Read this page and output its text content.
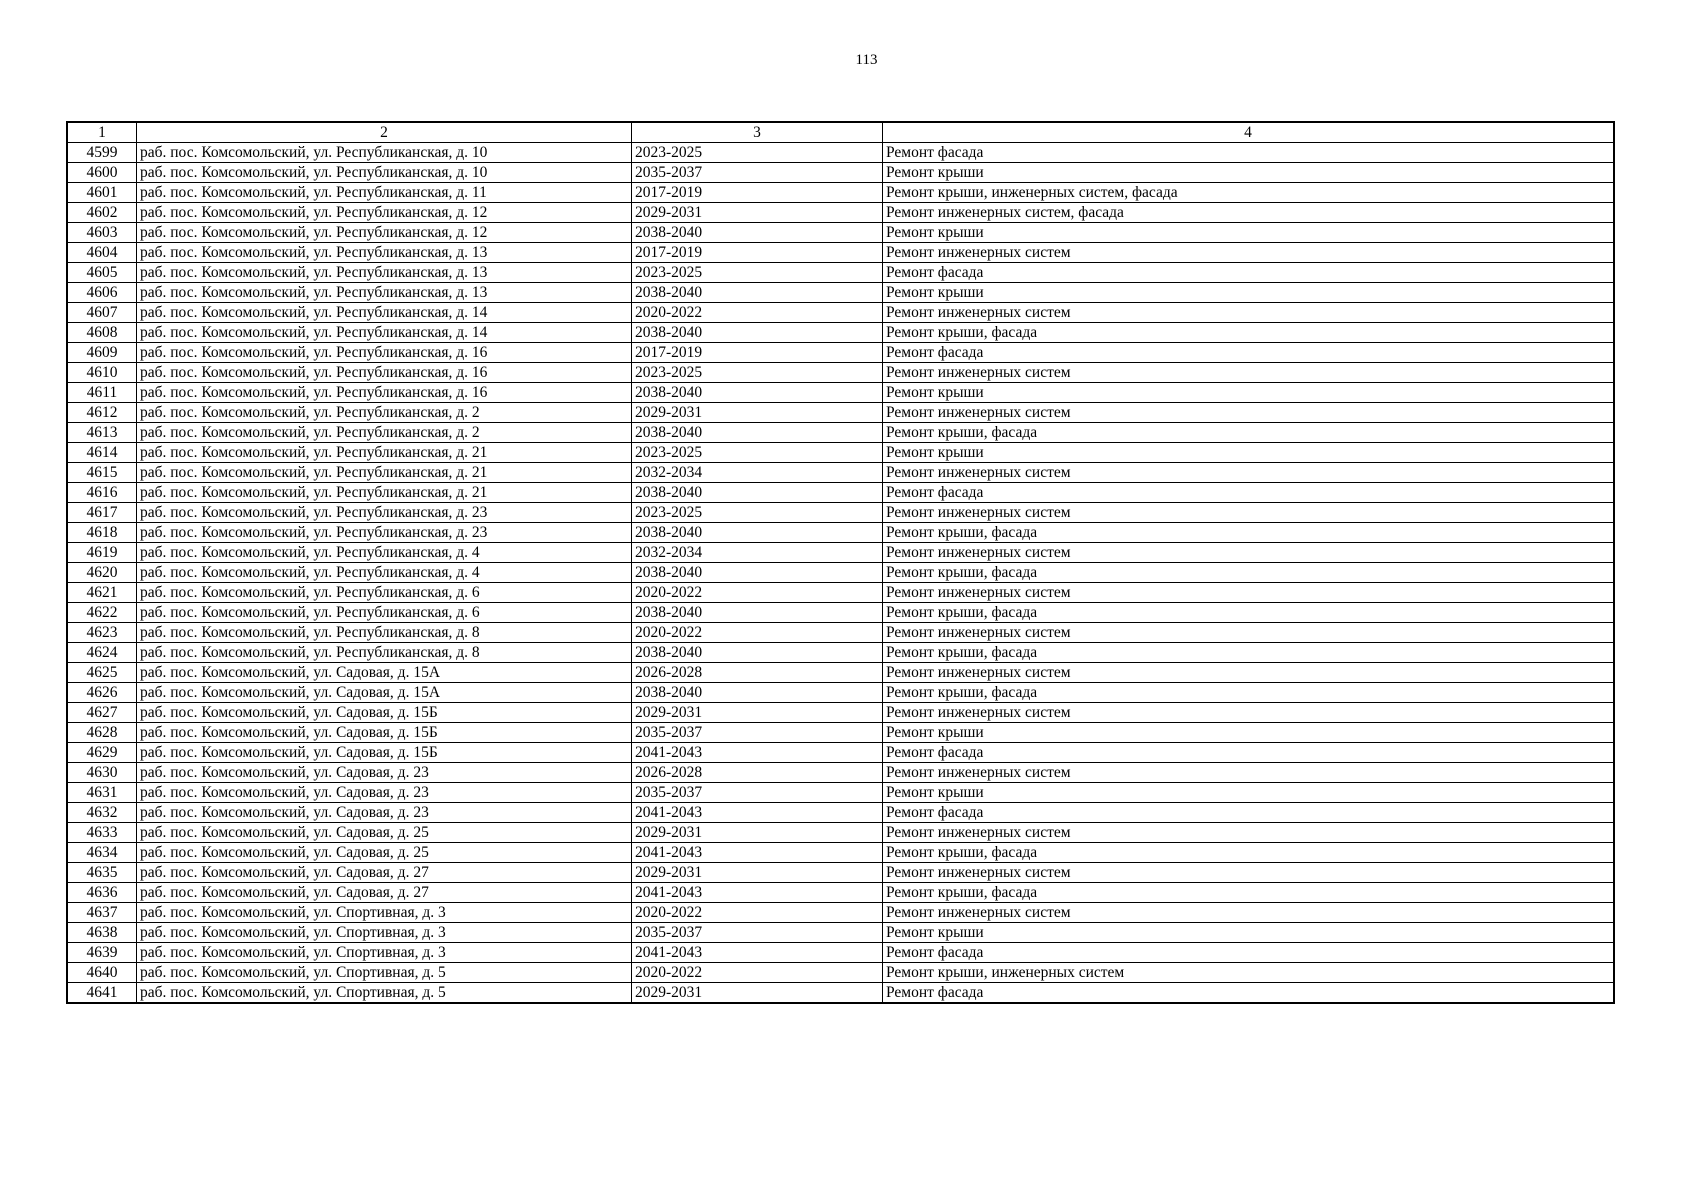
113
1	2	3	4
4599	раб. пос. Комсомольский, ул. Республиканская, д. 10	2023-2025	Ремонт фасада
4600	раб. пос. Комсомольский, ул. Республиканская, д. 10	2035-2037	Ремонт крыши
4601	раб. пос. Комсомольский, ул. Республиканская, д. 11	2017-2019	Ремонт крыши, инженерных систем, фасада
4602	раб. пос. Комсомольский, ул. Республиканская, д. 12	2029-2031	Ремонт инженерных систем, фасада
4603	раб. пос. Комсомольский, ул. Республиканская, д. 12	2038-2040	Ремонт крыши
4604	раб. пос. Комсомольский, ул. Республиканская, д. 13	2017-2019	Ремонт инженерных систем
4605	раб. пос. Комсомольский, ул. Республиканская, д. 13	2023-2025	Ремонт фасада
4606	раб. пос. Комсомольский, ул. Республиканская, д. 13	2038-2040	Ремонт крыши
4607	раб. пос. Комсомольский, ул. Республиканская, д. 14	2020-2022	Ремонт инженерных систем
4608	раб. пос. Комсомольский, ул. Республиканская, д. 14	2038-2040	Ремонт крыши, фасада
4609	раб. пос. Комсомольский, ул. Республиканская, д. 16	2017-2019	Ремонт фасада
4610	раб. пос. Комсомольский, ул. Республиканская, д. 16	2023-2025	Ремонт инженерных систем
4611	раб. пос. Комсомольский, ул. Республиканская, д. 16	2038-2040	Ремонт крыши
4612	раб. пос. Комсомольский, ул. Республиканская, д. 2	2029-2031	Ремонт инженерных систем
4613	раб. пос. Комсомольский, ул. Республиканская, д. 2	2038-2040	Ремонт крыши, фасада
4614	раб. пос. Комсомольский, ул. Республиканская, д. 21	2023-2025	Ремонт крыши
4615	раб. пос. Комсомольский, ул. Республиканская, д. 21	2032-2034	Ремонт инженерных систем
4616	раб. пос. Комсомольский, ул. Республиканская, д. 21	2038-2040	Ремонт фасада
4617	раб. пос. Комсомольский, ул. Республиканская, д. 23	2023-2025	Ремонт инженерных систем
4618	раб. пос. Комсомольский, ул. Республиканская, д. 23	2038-2040	Ремонт крыши, фасада
4619	раб. пос. Комсомольский, ул. Республиканская, д. 4	2032-2034	Ремонт инженерных систем
4620	раб. пос. Комсомольский, ул. Республиканская, д. 4	2038-2040	Ремонт крыши, фасада
4621	раб. пос. Комсомольский, ул. Республиканская, д. 6	2020-2022	Ремонт инженерных систем
4622	раб. пос. Комсомольский, ул. Республиканская, д. 6	2038-2040	Ремонт крыши, фасада
4623	раб. пос. Комсомольский, ул. Республиканская, д. 8	2020-2022	Ремонт инженерных систем
4624	раб. пос. Комсомольский, ул. Республиканская, д. 8	2038-2040	Ремонт крыши, фасада
4625	раб. пос. Комсомольский, ул. Садовая, д. 15А	2026-2028	Ремонт инженерных систем
4626	раб. пос. Комсомольский, ул. Садовая, д. 15А	2038-2040	Ремонт крыши, фасада
4627	раб. пос. Комсомольский, ул. Садовая, д. 15Б	2029-2031	Ремонт инженерных систем
4628	раб. пос. Комсомольский, ул. Садовая, д. 15Б	2035-2037	Ремонт крыши
4629	раб. пос. Комсомольский, ул. Садовая, д. 15Б	2041-2043	Ремонт фасада
4630	раб. пос. Комсомольский, ул. Садовая, д. 23	2026-2028	Ремонт инженерных систем
4631	раб. пос. Комсомольский, ул. Садовая, д. 23	2035-2037	Ремонт крыши
4632	раб. пос. Комсомольский, ул. Садовая, д. 23	2041-2043	Ремонт фасада
4633	раб. пос. Комсомольский, ул. Садовая, д. 25	2029-2031	Ремонт инженерных систем
4634	раб. пос. Комсомольский, ул. Садовая, д. 25	2041-2043	Ремонт крыши, фасада
4635	раб. пос. Комсомольский, ул. Садовая, д. 27	2029-2031	Ремонт инженерных систем
4636	раб. пос. Комсомольский, ул. Садовая, д. 27	2041-2043	Ремонт крыши, фасада
4637	раб. пос. Комсомольский, ул. Спортивная, д. 3	2020-2022	Ремонт инженерных систем
4638	раб. пос. Комсомольский, ул. Спортивная, д. 3	2035-2037	Ремонт крыши
4639	раб. пос. Комсомольский, ул. Спортивная, д. 3	2041-2043	Ремонт фасада
4640	раб. пос. Комсомольский, ул. Спортивная, д. 5	2020-2022	Ремонт крыши, инженерных систем
4641	раб. пос. Комсомольский, ул. Спортивная, д. 5	2029-2031	Ремонт фасада
